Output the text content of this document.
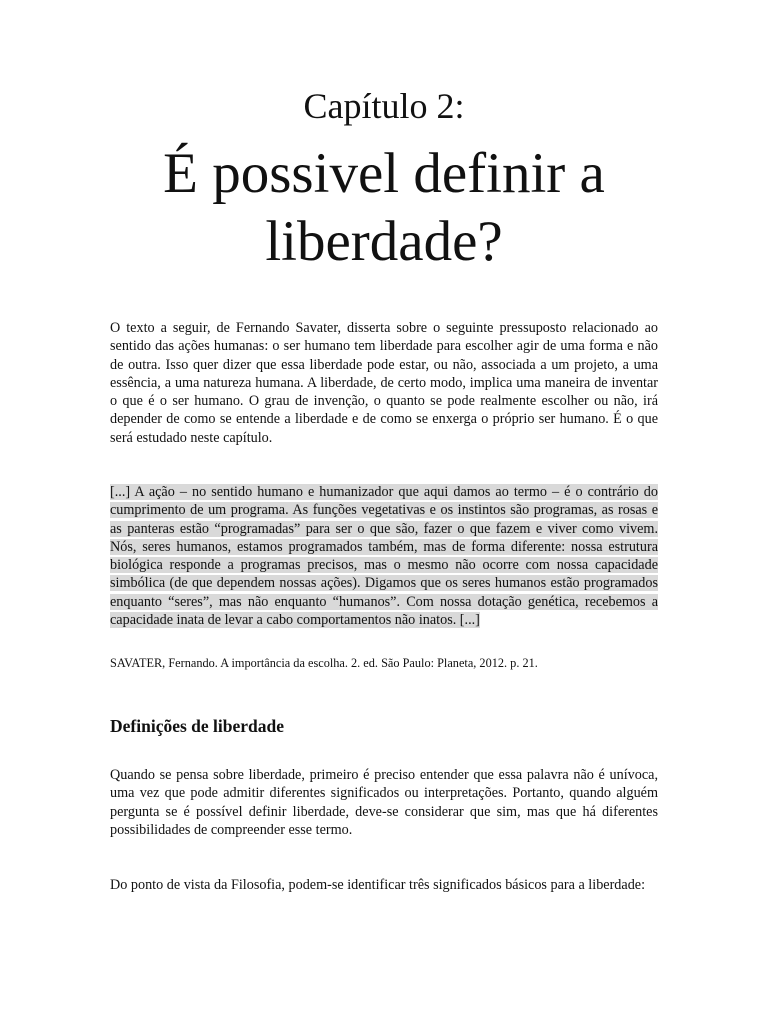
Capítulo 2:
É possivel definir a liberdade?

O texto a seguir, de Fernando Savater, disserta sobre o seguinte pressuposto relacionado ao sentido das ações humanas: o ser humano tem liberdade para escolher agir de uma forma e não de outra. Isso quer dizer que essa liberdade pode estar, ou não, associada a um projeto, a uma essência, a uma natureza humana. A liberdade, de certo modo, implica uma maneira de inventar o que é o ser humano. O grau de invenção, o quanto se pode realmente escolher ou não, irá depender de como se entende a liberdade e de como se enxerga o próprio ser humano. É o que será estudado neste capítulo.

[...] A ação – no sentido humano e humanizador que aqui damos ao termo – é o contrário do cumprimento de um programa. As funções vegetativas e os instintos são programas, as rosas e as panteras estão “programadas” para ser o que são, fazer o que fazem e viver como vivem. Nós, seres humanos, estamos programados também, mas de forma diferente: nossa estrutura biológica responde a programas precisos, mas o mesmo não ocorre com nossa capacidade simbólica (de que dependem nossas ações). Digamos que os seres humanos estão programados enquanto “seres”, mas não enquanto “humanos”. Com nossa dotação genética, recebemos a capacidade inata de levar a cabo comportamentos não inatos. [...]

SAVATER, Fernando. A importância da escolha. 2. ed. São Paulo: Planeta, 2012. p. 21.

Definições de liberdade

Quando se pensa sobre liberdade, primeiro é preciso entender que essa palavra não é unívoca, uma vez que pode admitir diferentes significados ou interpretações. Portanto, quando alguém pergunta se é possível definir liberdade, deve-se considerar que sim, mas que há diferentes possibilidades de compreender esse termo.

Do ponto de vista da Filosofia, podem-se identificar três significados básicos para a liberdade:
